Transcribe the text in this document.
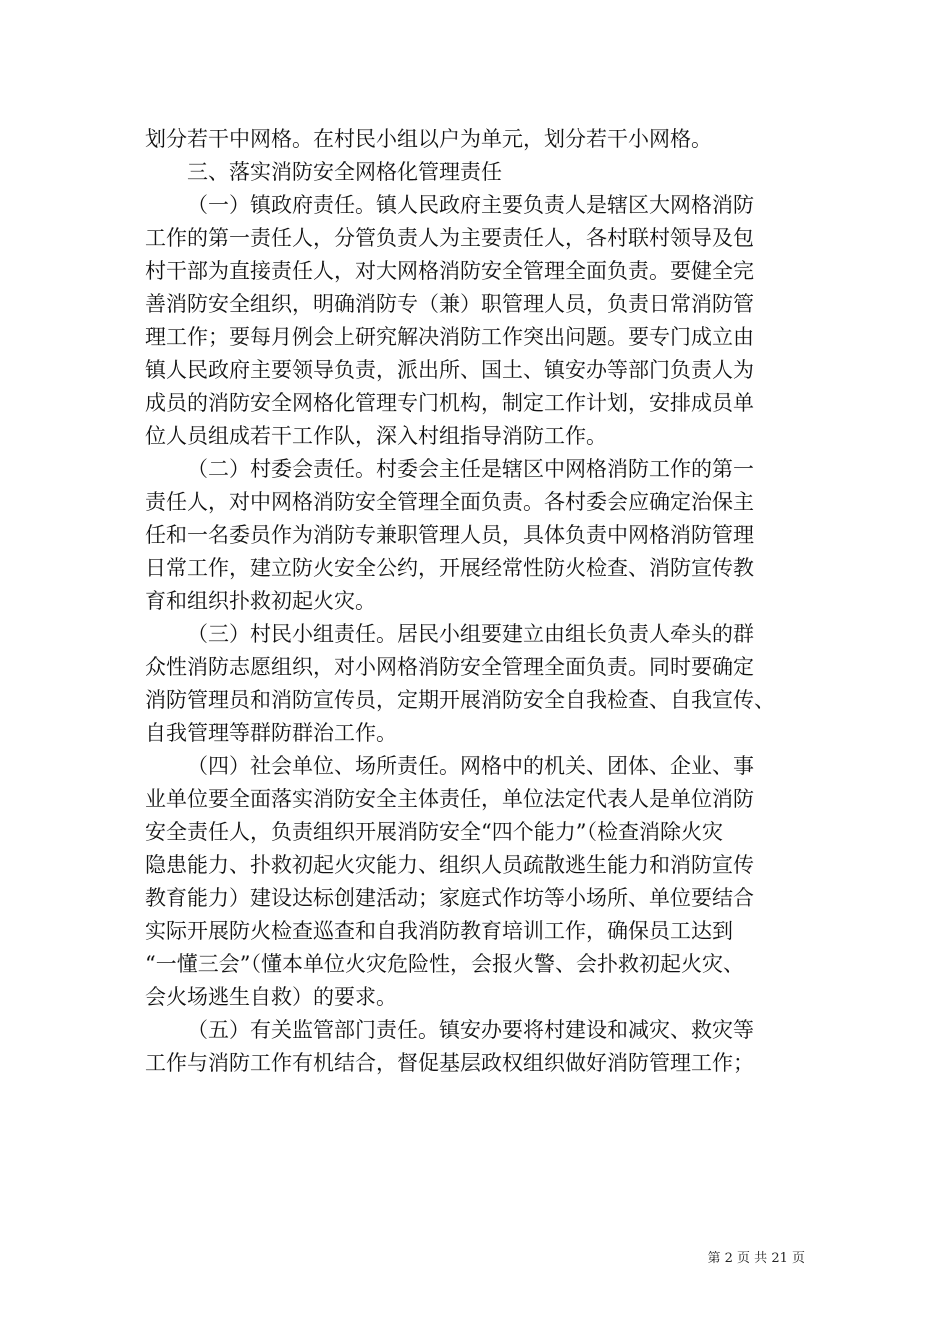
划分若干中网格。在村民小组以户为单元，划分若干小网格。
三、落实消防安全网格化管理责任
（一）镇政府责任。镇人民政府主要负责人是辖区大网格消防
工作的第一责任人，分管负责人为主要责任人，各村联村领导及包
村干部为直接责任人，对大网格消防安全管理全面负责。要健全完
善消防安全组织，明确消防专（兼）职管理人员，负责日常消防管
理工作；要每月例会上研究解决消防工作突出问题。要专门成立由
镇人民政府主要领导负责，派出所、国土、镇安办等部门负责人为
成员的消防安全网格化管理专门机构，制定工作计划，安排成员单
位人员组成若干工作队，深入村组指导消防工作。
（二）村委会责任。村委会主任是辖区中网格消防工作的第一
责任人，对中网格消防安全管理全面负责。各村委会应确定治保主
任和一名委员作为消防专兼职管理人员，具体负责中网格消防管理
日常工作，建立防火安全公约，开展经常性防火检查、消防宣传教
育和组织扑救初起火灾。
（三）村民小组责任。居民小组要建立由组长负责人牵头的群
众性消防志愿组织，对小网格消防安全管理全面负责。同时要确定
消防管理员和消防宣传员，定期开展消防安全自我检查、自我宣传、
自我管理等群防群治工作。
（四）社会单位、场所责任。网格中的机关、团体、企业、事
业单位要全面落实消防安全主体责任，单位法定代表人是单位消防
安全责任人，负责组织开展消防安全“四个能力”（检查消除火灾
隐患能力、扑救初起火灾能力、组织人员疏散逃生能力和消防宣传
教育能力）建设达标创建活动；家庭式作坊等小场所、单位要结合
实际开展防火检查巡查和自我消防教育培训工作，确保员工达到
“一懂三会”（懂本单位火灾危险性，会报火警、会扑救初起火灾、
会火场逃生自救）的要求。
（五）有关监管部门责任。镇安办要将村建设和减灾、救灾等
工作与消防工作有机结合，督促基层政权组织做好消防管理工作；
第 2 页 共 21 页
